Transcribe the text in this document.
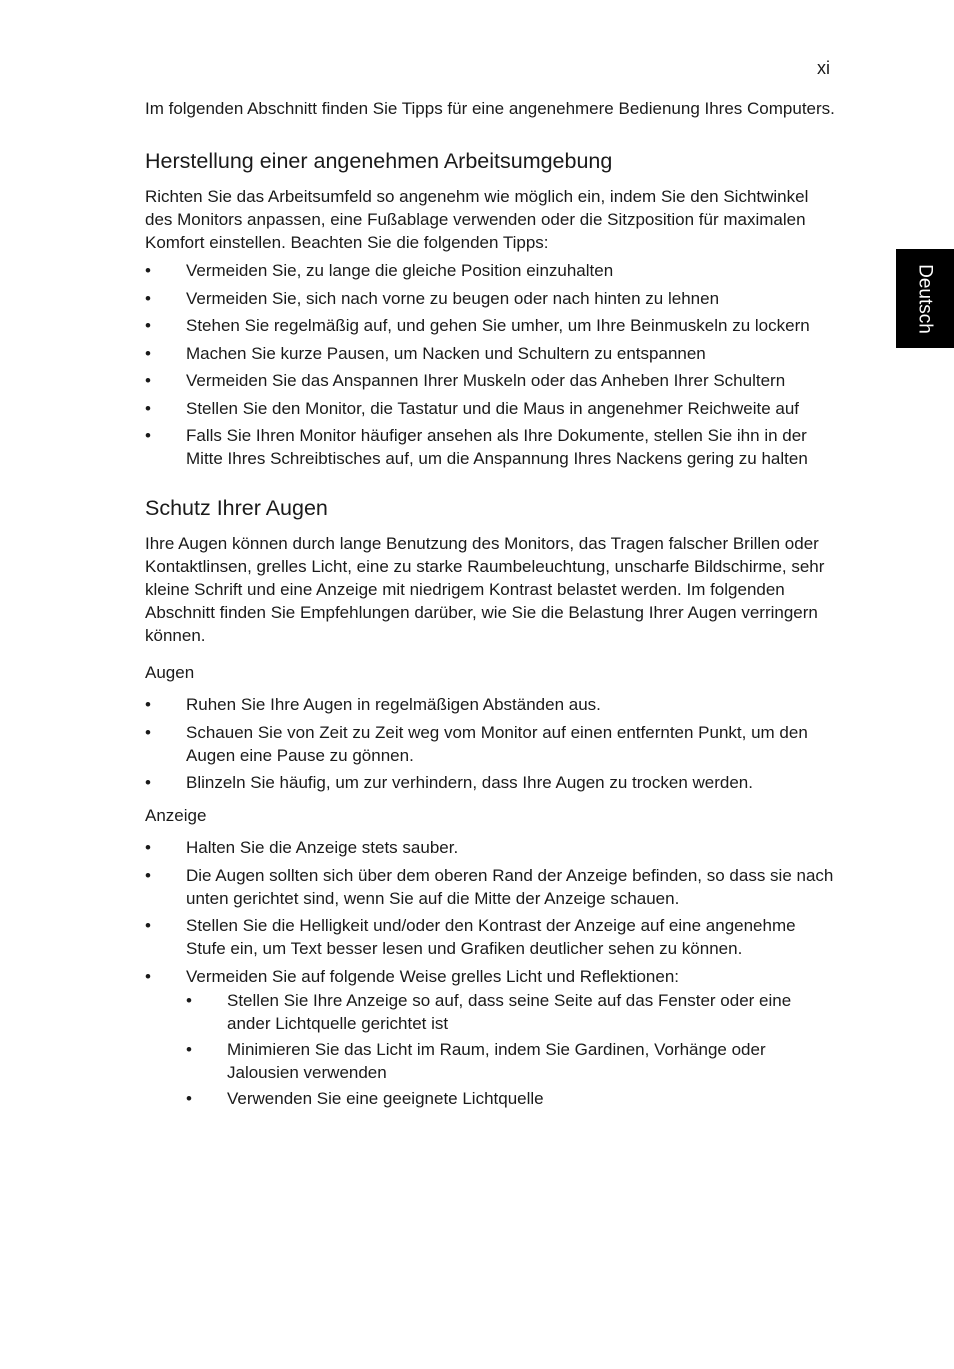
xi
Deutsch

Im folgenden Abschnitt finden Sie Tipps für eine angenehmere Bedienung Ihres Computers.

Herstellung einer angenehmen Arbeitsumgebung

Richten Sie das Arbeitsumfeld so angenehm wie möglich ein, indem Sie den Sichtwinkel des Monitors anpassen, eine Fußablage verwenden oder die Sitzposition für maximalen Komfort einstellen. Beachten Sie die folgenden Tipps:

• Vermeiden Sie, zu lange die gleiche Position einzuhalten
• Vermeiden Sie, sich nach vorne zu beugen oder nach hinten zu lehnen
• Stehen Sie regelmäßig auf, und gehen Sie umher, um Ihre Beinmuskeln zu lockern
• Machen Sie kurze Pausen, um Nacken und Schultern zu entspannen
• Vermeiden Sie das Anspannen Ihrer Muskeln oder das Anheben Ihrer Schultern
• Stellen Sie den Monitor, die Tastatur und die Maus in angenehmer Reichweite auf
• Falls Sie Ihren Monitor häufiger ansehen als Ihre Dokumente, stellen Sie ihn in der Mitte Ihres Schreibtisches auf, um die Anspannung Ihres Nackens gering zu halten
Schutz Ihrer Augen

Ihre Augen können durch lange Benutzung des Monitors, das Tragen falscher Brillen oder Kontaktlinsen, grelles Licht, eine zu starke Raumbeleuchtung, unscharfe Bildschirme, sehr kleine Schrift und eine Anzeige mit niedrigem Kontrast belastet werden. Im folgenden Abschnitt finden Sie Empfehlungen darüber, wie Sie die Belastung Ihrer Augen verringern können.

Augen

• Ruhen Sie Ihre Augen in regelmäßigen Abständen aus.
• Schauen Sie von Zeit zu Zeit weg vom Monitor auf einen entfernten Punkt, um den Augen eine Pause zu gönnen.
• Blinzeln Sie häufig, um zur verhindern, dass Ihre Augen zu trocken werden.

Anzeige

• Halten Sie die Anzeige stets sauber.
• Die Augen sollten sich über dem oberen Rand der Anzeige befinden, so dass sie nach unten gerichtet sind, wenn Sie auf die Mitte der Anzeige schauen.
• Stellen Sie die Helligkeit und/oder den Kontrast der Anzeige auf eine angenehme Stufe ein, um Text besser lesen und Grafiken deutlicher sehen zu können.
• Vermeiden Sie auf folgende Weise grelles Licht und Reflektionen:
• Stellen Sie Ihre Anzeige so auf, dass seine Seite auf das Fenster oder eine ander Lichtquelle gerichtet ist
• Minimieren Sie das Licht im Raum, indem Sie Gardinen, Vorhänge oder Jalousien verwenden
• Verwenden Sie eine geeignete Lichtquelle
